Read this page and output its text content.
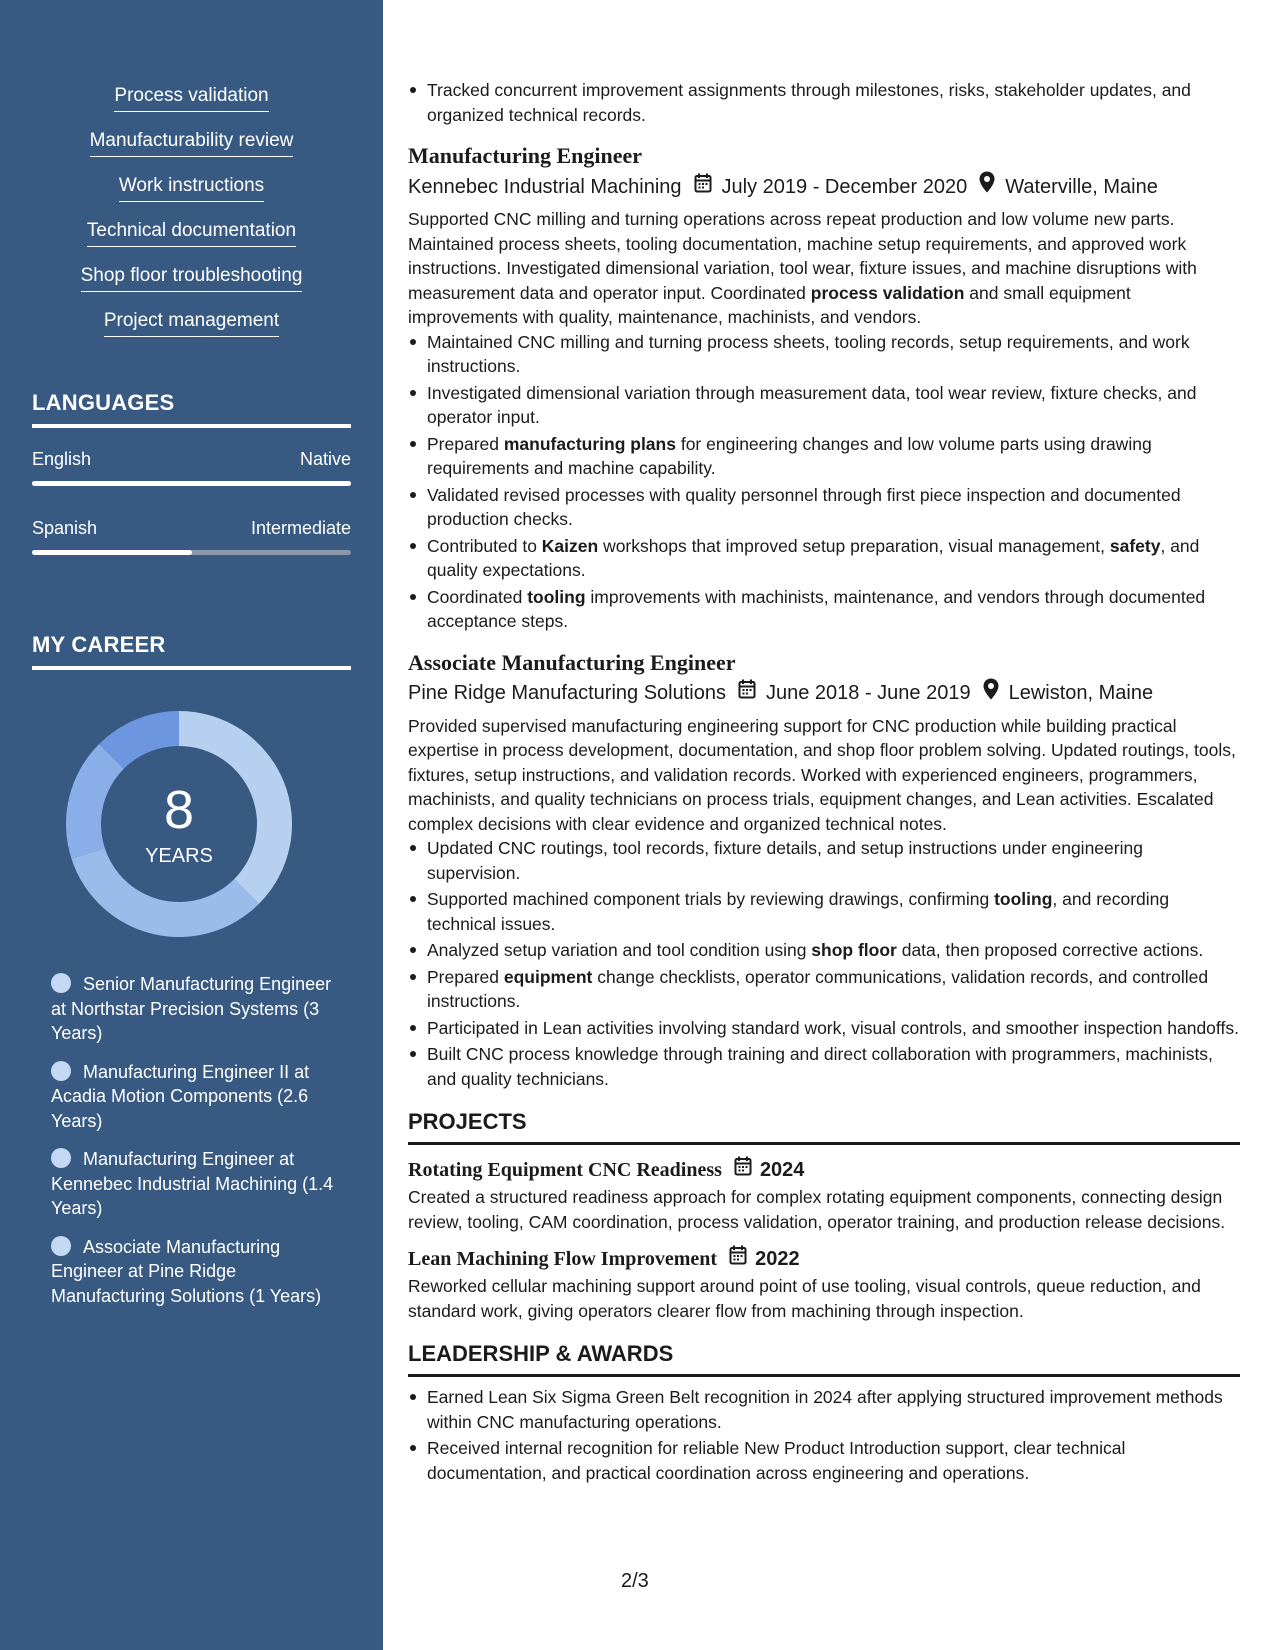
Process validation
Manufacturability review
Work instructions
Technical documentation
Shop floor troubleshooting
Project management
LANGUAGES
English	Native
Spanish	Intermediate
MY CAREER
8
YEARS
Senior Manufacturing Engineer at Northstar Precision Systems (3 Years)
Manufacturing Engineer II at Acadia Motion Components (2.6 Years)
Manufacturing Engineer at Kennebec Industrial Machining (1.4 Years)
Associate Manufacturing Engineer at Pine Ridge Manufacturing Solutions (1 Years)
Tracked concurrent improvement assignments through milestones, risks, stakeholder updates, and organized technical records.
Manufacturing Engineer
Kennebec Industrial Machining July 2019 - December 2020 Waterville, Maine
Supported CNC milling and turning operations across repeat production and low volume new parts. Maintained process sheets, tooling documentation, machine setup requirements, and approved work instructions. Investigated dimensional variation, tool wear, fixture issues, and machine disruptions with measurement data and operator input. Coordinated process validation and small equipment improvements with quality, maintenance, machinists, and vendors.
Maintained CNC milling and turning process sheets, tooling records, setup requirements, and work instructions.
Investigated dimensional variation through measurement data, tool wear review, fixture checks, and operator input.
Prepared manufacturing plans for engineering changes and low volume parts using drawing requirements and machine capability.
Validated revised processes with quality personnel through first piece inspection and documented production checks.
Contributed to Kaizen workshops that improved setup preparation, visual management, safety, and quality expectations.
Coordinated tooling improvements with machinists, maintenance, and vendors through documented acceptance steps.
Associate Manufacturing Engineer
Pine Ridge Manufacturing Solutions June 2018 - June 2019 Lewiston, Maine
Provided supervised manufacturing engineering support for CNC production while building practical expertise in process development, documentation, and shop floor problem solving. Updated routings, tools, fixtures, setup instructions, and validation records. Worked with experienced engineers, programmers, machinists, and quality technicians on process trials, equipment changes, and Lean activities. Escalated complex decisions with clear evidence and organized technical notes.
Updated CNC routings, tool records, fixture details, and setup instructions under engineering supervision.
Supported machined component trials by reviewing drawings, confirming tooling, and recording technical issues.
Analyzed setup variation and tool condition using shop floor data, then proposed corrective actions.
Prepared equipment change checklists, operator communications, validation records, and controlled instructions.
Participated in Lean activities involving standard work, visual controls, and smoother inspection handoffs.
Built CNC process knowledge through training and direct collaboration with programmers, machinists, and quality technicians.
PROJECTS
Rotating Equipment CNC Readiness 2024
Created a structured readiness approach for complex rotating equipment components, connecting design review, tooling, CAM coordination, process validation, operator training, and production release decisions.
Lean Machining Flow Improvement 2022
Reworked cellular machining support around point of use tooling, visual controls, queue reduction, and standard work, giving operators clearer flow from machining through inspection.
LEADERSHIP & AWARDS
Earned Lean Six Sigma Green Belt recognition in 2024 after applying structured improvement methods within CNC manufacturing operations.
Received internal recognition for reliable New Product Introduction support, clear technical documentation, and practical coordination across engineering and operations.
2/3
